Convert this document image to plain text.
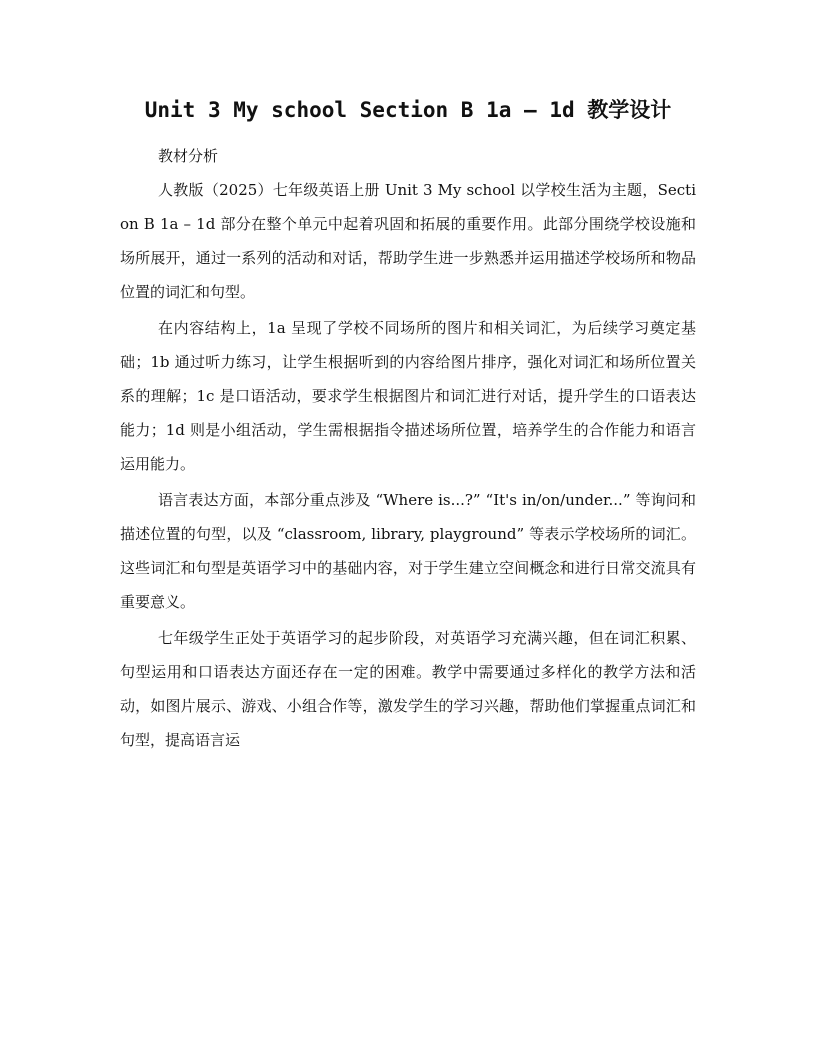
Unit 3 My school Section B 1a – 1d 教学设计

教材分析

人教版（2025）七年级英语上册 Unit 3 My school 以学校生活为主题，Section B 1a – 1d 部分在整个单元中起着巩固和拓展的重要作用。此部分围绕学校设施和场所展开，通过一系列的活动和对话，帮助学生进一步熟悉并运用描述学校场所和物品位置的词汇和句型。

在内容结构上，1a 呈现了学校不同场所的图片和相关词汇，为后续学习奠定基础；1b 通过听力练习，让学生根据听到的内容给图片排序，强化对词汇和场所位置关系的理解；1c 是口语活动，要求学生根据图片和词汇进行对话，提升学生的口语表达能力；1d 则是小组活动，学生需根据指令描述场所位置，培养学生的合作能力和语言运用能力。

语言表达方面，本部分重点涉及 “Where is...?” “It's in/on/under...” 等询问和描述位置的句型，以及 “classroom, library, playground” 等表示学校场所的词汇。这些词汇和句型是英语学习中的基础内容，对于学生建立空间概念和进行日常交流具有重要意义。

七年级学生正处于英语学习的起步阶段，对英语学习充满兴趣，但在词汇积累、句型运用和口语表达方面还存在一定的困难。教学中需要通过多样化的教学方法和活动，如图片展示、游戏、小组合作等，激发学生的学习兴趣，帮助他们掌握重点词汇和句型，提高语言运
